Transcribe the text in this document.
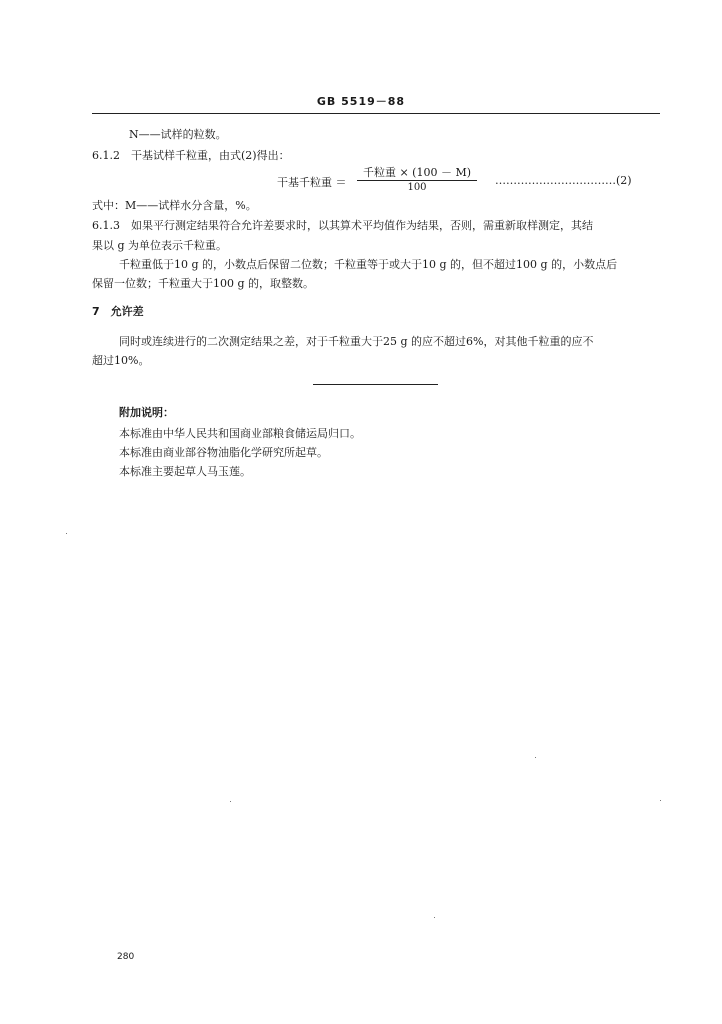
GB 5519－88
N——试样的粒数。
6.1.2　干基试样千粒重，由式(2)得出：
干基千粒重 ＝
千粒重 × (100 － M)
100
……………………………(2)
式中：M——试样水分含量，%。
6.1.3　如果平行测定结果符合允许差要求时，以其算术平均值作为结果，否则，需重新取样测定，其结
果以 g 为单位表示千粒重。
千粒重低于10 g 的，小数点后保留二位数；千粒重等于或大于10 g 的，但不超过100 g 的，小数点后
保留一位数；千粒重大于100 g 的，取整数。
7　允许差
同时或连续进行的二次测定结果之差，对于千粒重大于25 g 的应不超过6%，对其他千粒重的应不
超过10%。
附加说明：
本标准由中华人民共和国商业部粮食储运局归口。
本标准由商业部谷物油脂化学研究所起草。
本标准主要起草人马玉莲。
280
